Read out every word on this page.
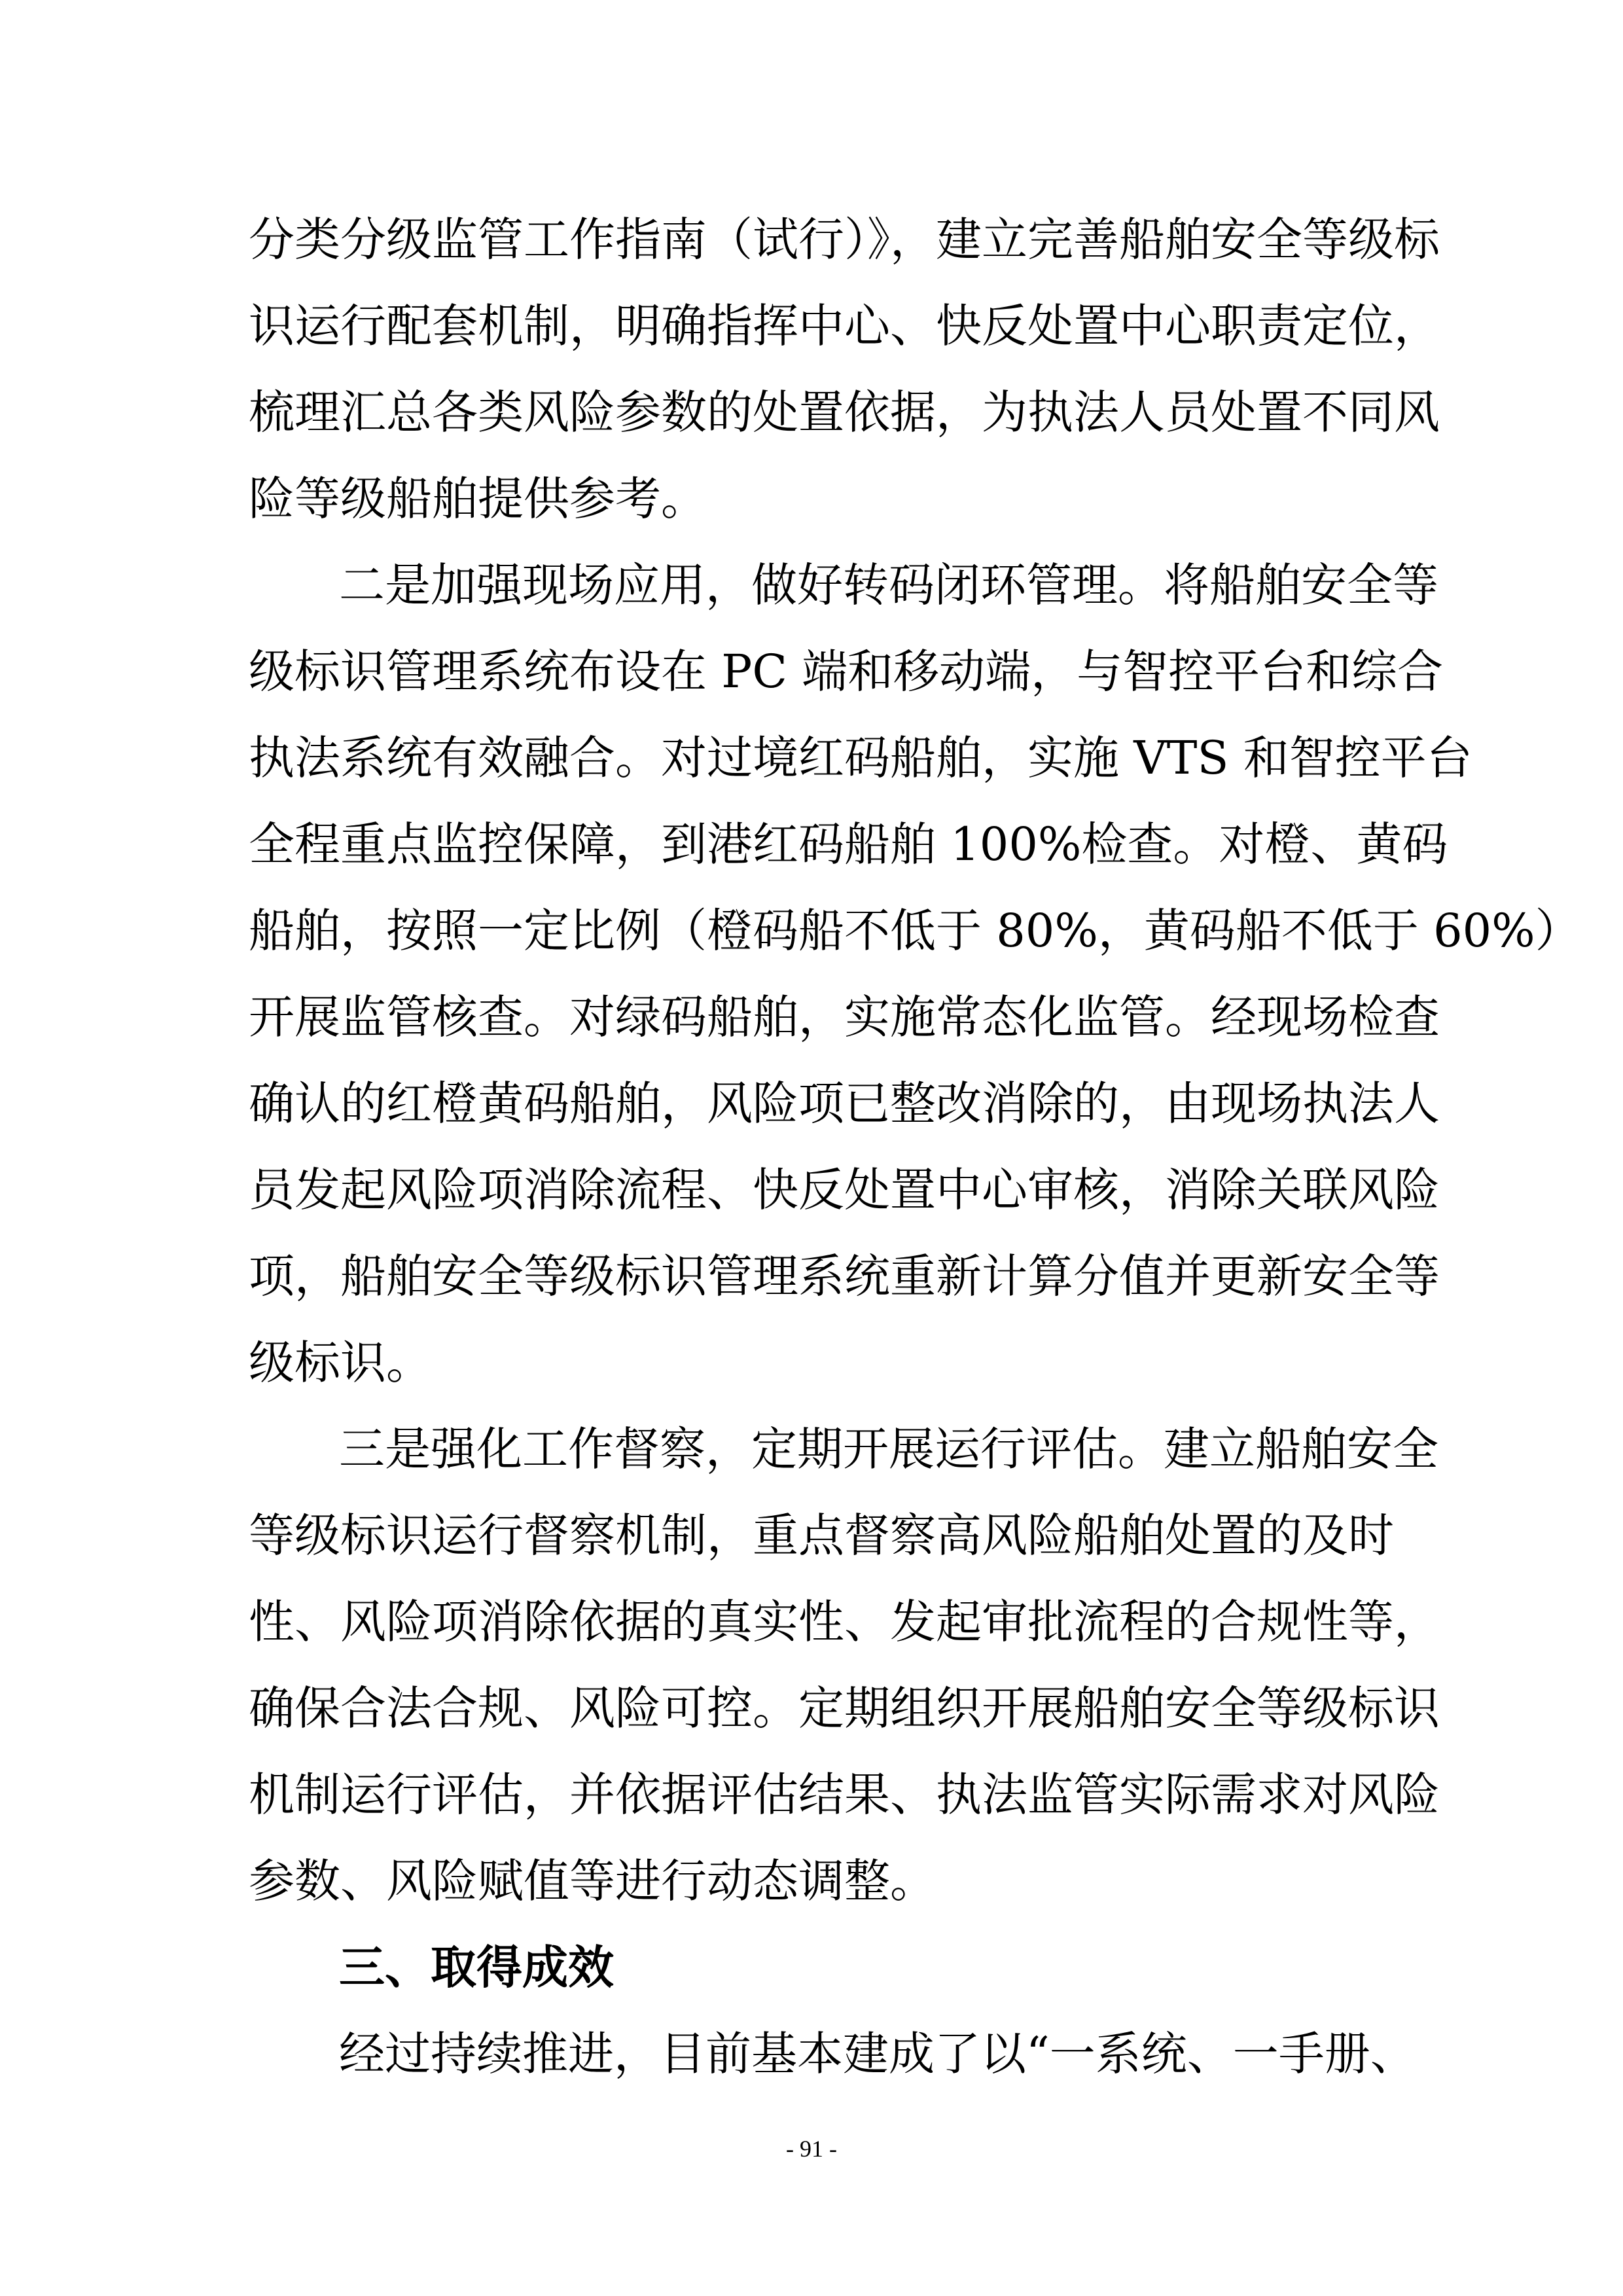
分类分级监管工作指南（试行）》，建立完善船舶安全等级标
识运行配套机制，明确指挥中心、快反处置中心职责定位，
梳理汇总各类风险参数的处置依据，为执法人员处置不同风
险等级船舶提供参考。
二是加强现场应用，做好转码闭环管理。将船舶安全等
级标识管理系统布设在 PC 端和移动端，与智控平台和综合
执法系统有效融合。对过境红码船舶，实施 VTS 和智控平台
全程重点监控保障，到港红码船舶 100%检查。对橙、黄码
船舶，按照一定比例（橙码船不低于 80%，黄码船不低于 60%）
开展监管核查。对绿码船舶，实施常态化监管。经现场检查
确认的红橙黄码船舶，风险项已整改消除的，由现场执法人
员发起风险项消除流程、快反处置中心审核，消除关联风险
项，船舶安全等级标识管理系统重新计算分值并更新安全等
级标识。
三是强化工作督察，定期开展运行评估。建立船舶安全
等级标识运行督察机制，重点督察高风险船舶处置的及时
性、风险项消除依据的真实性、发起审批流程的合规性等，
确保合法合规、风险可控。定期组织开展船舶安全等级标识
机制运行评估，并依据评估结果、执法监管实际需求对风险
参数、风险赋值等进行动态调整。
三、取得成效
经过持续推进，目前基本建成了以“一系统、一手册、
- 91 -
